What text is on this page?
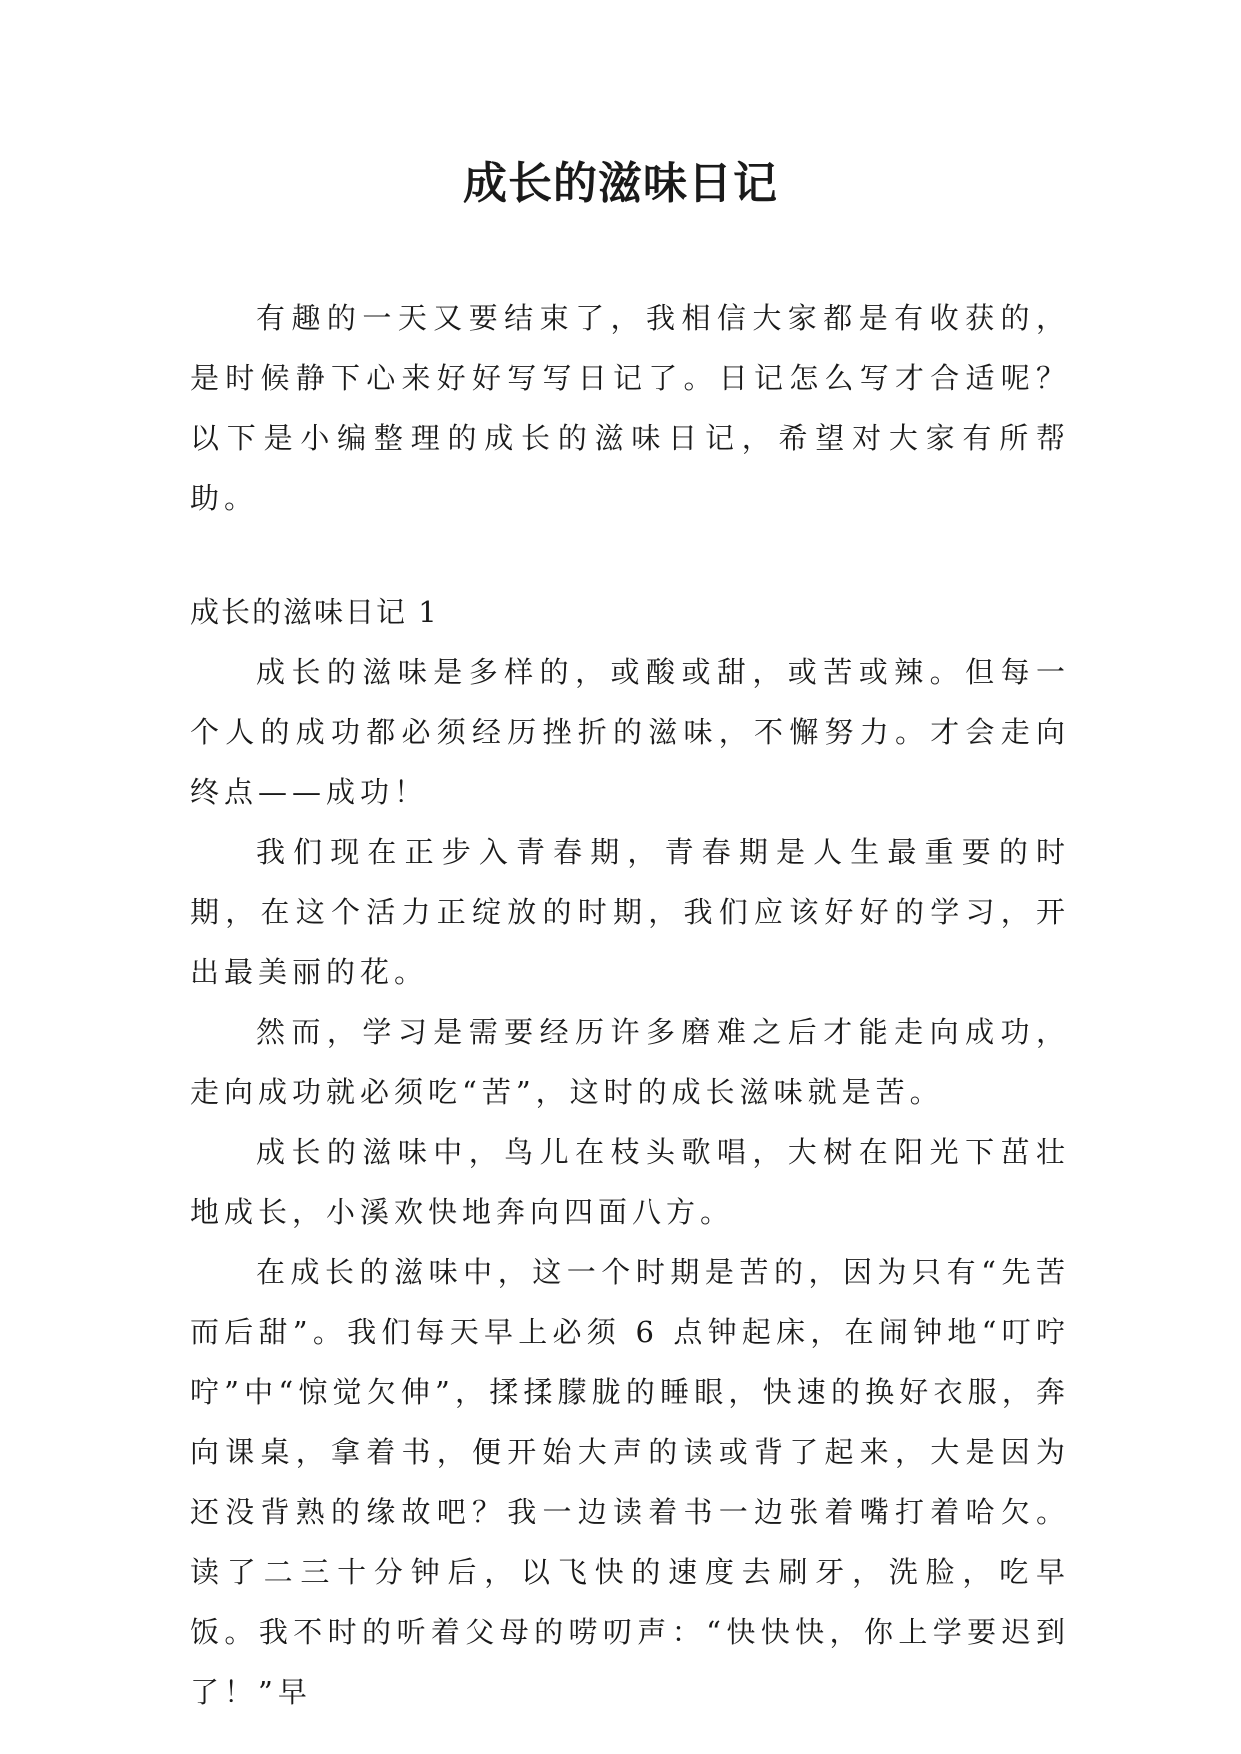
成长的滋味日记

有趣的一天又要结束了，我相信大家都是有收获的，是时候静下心来好好写写日记了。日记怎么写才合适呢？以下是小编整理的成长的滋味日记，希望对大家有所帮助。

成长的滋味日记 1

成长的滋味是多样的，或酸或甜，或苦或辣。但每一个人的成功都必须经历挫折的滋味，不懈努力。才会走向终点——成功！

我们现在正步入青春期，青春期是人生最重要的时期，在这个活力正绽放的时期，我们应该好好的学习，开出最美丽的花。

然而，学习是需要经历许多磨难之后才能走向成功，走向成功就必须吃“苦”，这时的成长滋味就是苦。

成长的滋味中，鸟儿在枝头歌唱，大树在阳光下茁壮地成长，小溪欢快地奔向四面八方。

在成长的滋味中，这一个时期是苦的，因为只有“先苦而后甜”。我们每天早上必须 6 点钟起床，在闹钟地“叮咛咛”中“惊觉欠伸”，揉揉朦胧的睡眼，快速的换好衣服，奔向课桌，拿着书，便开始大声的读或背了起来，大是因为还没背熟的缘故吧？我一边读着书一边张着嘴打着哈欠。读了二三十分钟后，以飞快的速度去刷牙，洗脸，吃早饭。我不时的听着父母的唠叨声：“快快快，你上学要迟到了！”早
